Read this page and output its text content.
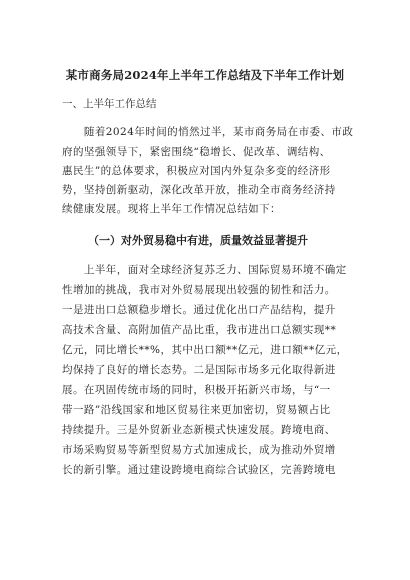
某市商务局2024年上半年工作总结及下半年工作计划
一、上半年工作总结
　　随着2024年时间的悄然过半，某市商务局在市委、市政
府的坚强领导下，紧密围绕“稳增长、促改革、调结构、
惠民生”的总体要求，积极应对国内外复杂多变的经济形
势，坚持创新驱动，深化改革开放，推动全市商务经济持
续健康发展。现将上半年工作情况总结如下：
（一）对外贸易稳中有进，质量效益显著提升
　　上半年，面对全球经济复苏乏力、国际贸易环境不确定
性增加的挑战，我市对外贸易展现出较强的韧性和活力。
一是进出口总额稳步增长。通过优化出口产品结构，提升
高技术含量、高附加值产品比重，我市进出口总额实现**
亿元，同比增长**%，其中出口额**亿元，进口额**亿元，
均保持了良好的增长态势。二是国际市场多元化取得新进
展。在巩固传统市场的同时，积极开拓新兴市场，与“一
带一路”沿线国家和地区贸易往来更加密切，贸易额占比
持续提升。三是外贸新业态新模式快速发展。跨境电商、
市场采购贸易等新型贸易方式加速成长，成为推动外贸增
长的新引擎。通过建设跨境电商综合试验区，完善跨境电
